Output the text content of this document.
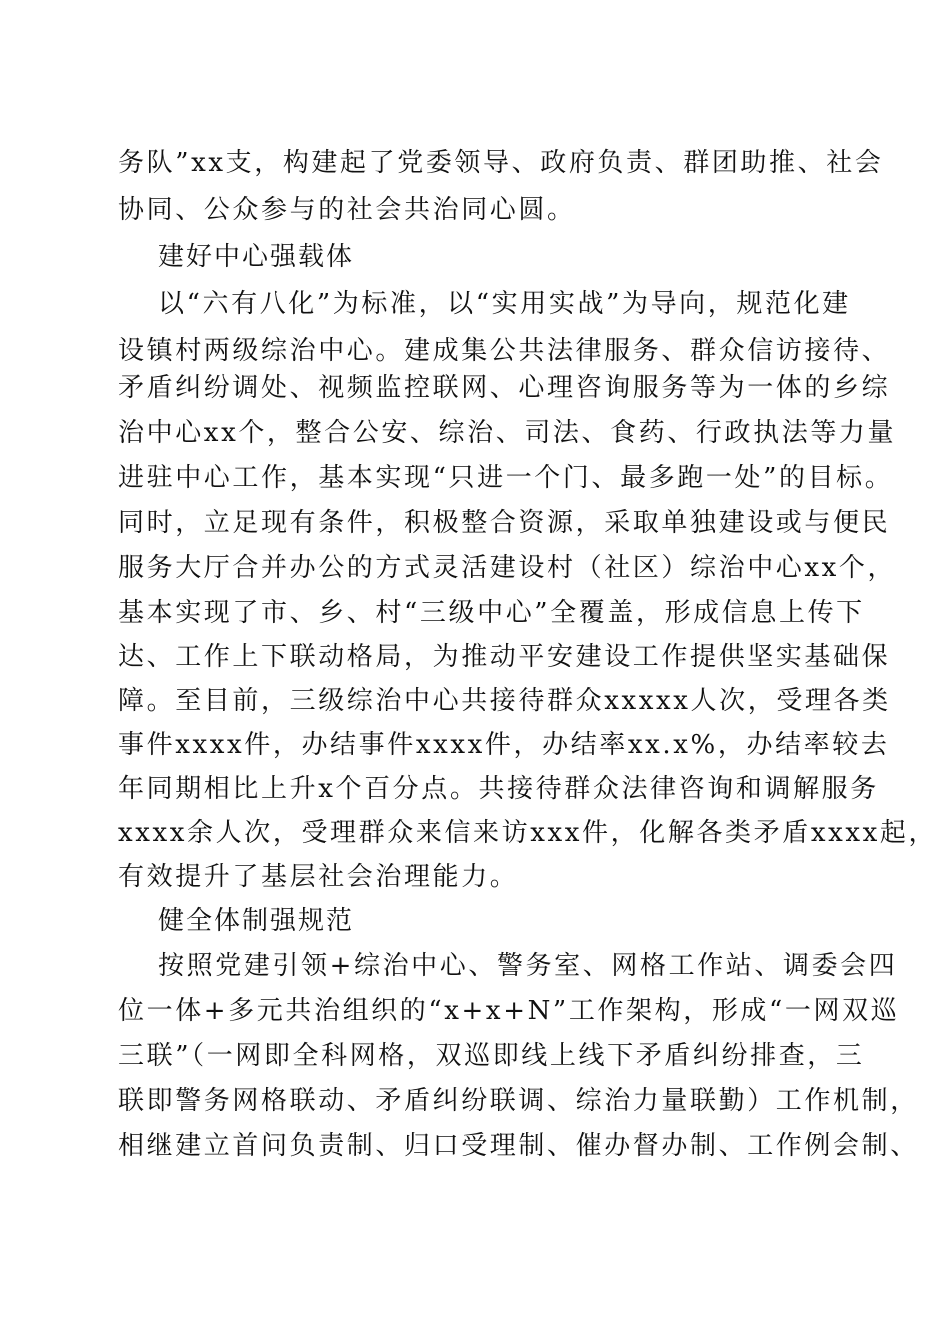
务队”xx支，构建起了党委领导、政府负责、群团助推、社会
协同、公众参与的社会共治同心圆。
建好中心强载体
以“六有八化”为标准，以“实用实战”为导向，规范化建
设镇村两级综治中心。建成集公共法律服务、群众信访接待、
矛盾纠纷调处、视频监控联网、心理咨询服务等为一体的乡综
治中心xx个，整合公安、综治、司法、食药、行政执法等力量
进驻中心工作，基本实现“只进一个门、最多跑一处”的目标。
同时，立足现有条件，积极整合资源，采取单独建设或与便民
服务大厅合并办公的方式灵活建设村（社区）综治中心xx个，
基本实现了市、乡、村“三级中心”全覆盖，形成信息上传下
达、工作上下联动格局，为推动平安建设工作提供坚实基础保
障。至目前，三级综治中心共接待群众xxxxx人次，受理各类
事件xxxx件，办结事件xxxx件，办结率xx.x%，办结率较去
年同期相比上升x个百分点。共接待群众法律咨询和调解服务
xxxx余人次，受理群众来信来访xxx件，化解各类矛盾xxxx起，
有效提升了基层社会治理能力。
健全体制强规范
按照党建引领+综治中心、警务室、网格工作站、调委会四
位一体+多元共治组织的“x+x+N”工作架构，形成“一网双巡
三联”（一网即全科网格，双巡即线上线下矛盾纠纷排查，三
联即警务网格联动、矛盾纠纷联调、综治力量联勤）工作机制，
相继建立首问负责制、归口受理制、催办督办制、工作例会制、
